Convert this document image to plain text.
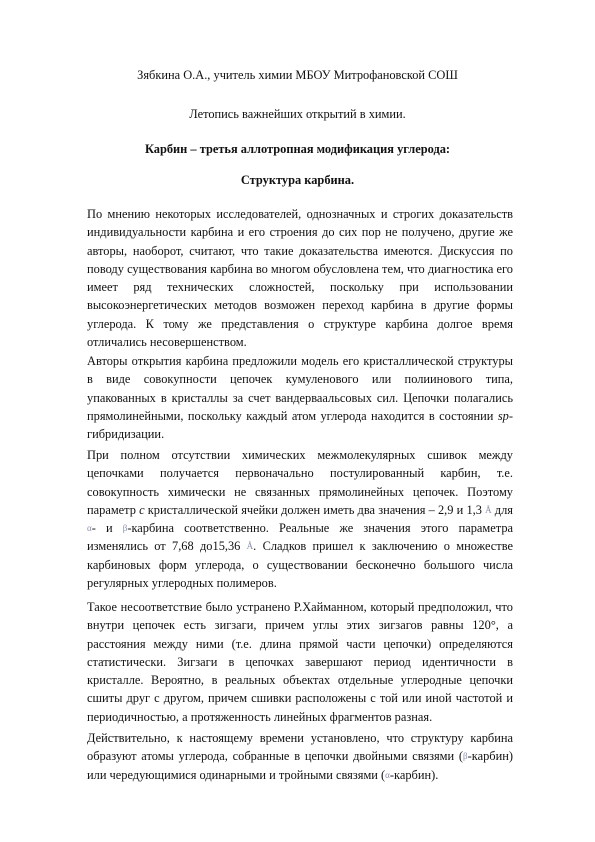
Зябкина О.А., учитель химии МБОУ Митрофановской СОШ
Летопись важнейших открытий в химии.
Карбин – третья аллотропная модификация углерода:
Структура карбина.
По мнению некоторых исследователей, однозначных и строгих доказательств индивидуальности карбина и его строения до сих пор не получено, другие же авторы, наоборот, считают, что такие доказательства имеются. Дискуссия по поводу существования карбина во многом обусловлена тем, что диагностика его имеет ряд технических сложностей, поскольку при использовании высокоэнергетических методов возможен переход карбина в другие формы углерода. К тому же представления о структуре карбина долгое время отличались несовершенством.
Авторы открытия карбина предложили модель его кристаллической структуры в виде совокупности цепочек кумуленового или полиинового типа, упакованных в кристаллы за счет вандерваальсовых сил. Цепочки полагались прямолинейными, поскольку каждый атом углерода находится в состоянии sp-гибридизации.
При полном отсутствии химических межмолекулярных сшивок между цепочками получается первоначально постулированный карбин, т.е. совокупность химически не связанных прямолинейных цепочек. Поэтому параметр с кристаллической ячейки должен иметь два значения – 2,9 и 1,3 Å для α- и β-карбина соответственно. Реальные же значения этого параметра изменялись от 7,68 до15,36 Å. Сладков пришел к заключению о множестве карбиновых форм углерода, о существовании бесконечно большого числа регулярных углеродных полимеров.
Такое несоответствие было устранено Р.Хайманном, который предположил, что внутри цепочек есть зигзаги, причем углы этих зигзагов равны 120°, а расстояния между ними (т.е. длина прямой части цепочки) определяются статистически. Зигзаги в цепочках завершают период идентичности в кристалле. Вероятно, в реальных объектах отдельные углеродные цепочки сшиты друг с другом, причем сшивки расположены с той или иной частотой и периодичностью, а протяженность линейных фрагментов разная.
Действительно, к настоящему времени установлено, что структуру карбина образуют атомы углерода, собранные в цепочки двойными связями (β-карбин) или чередующимися одинарными и тройными связями (α-карбин).
